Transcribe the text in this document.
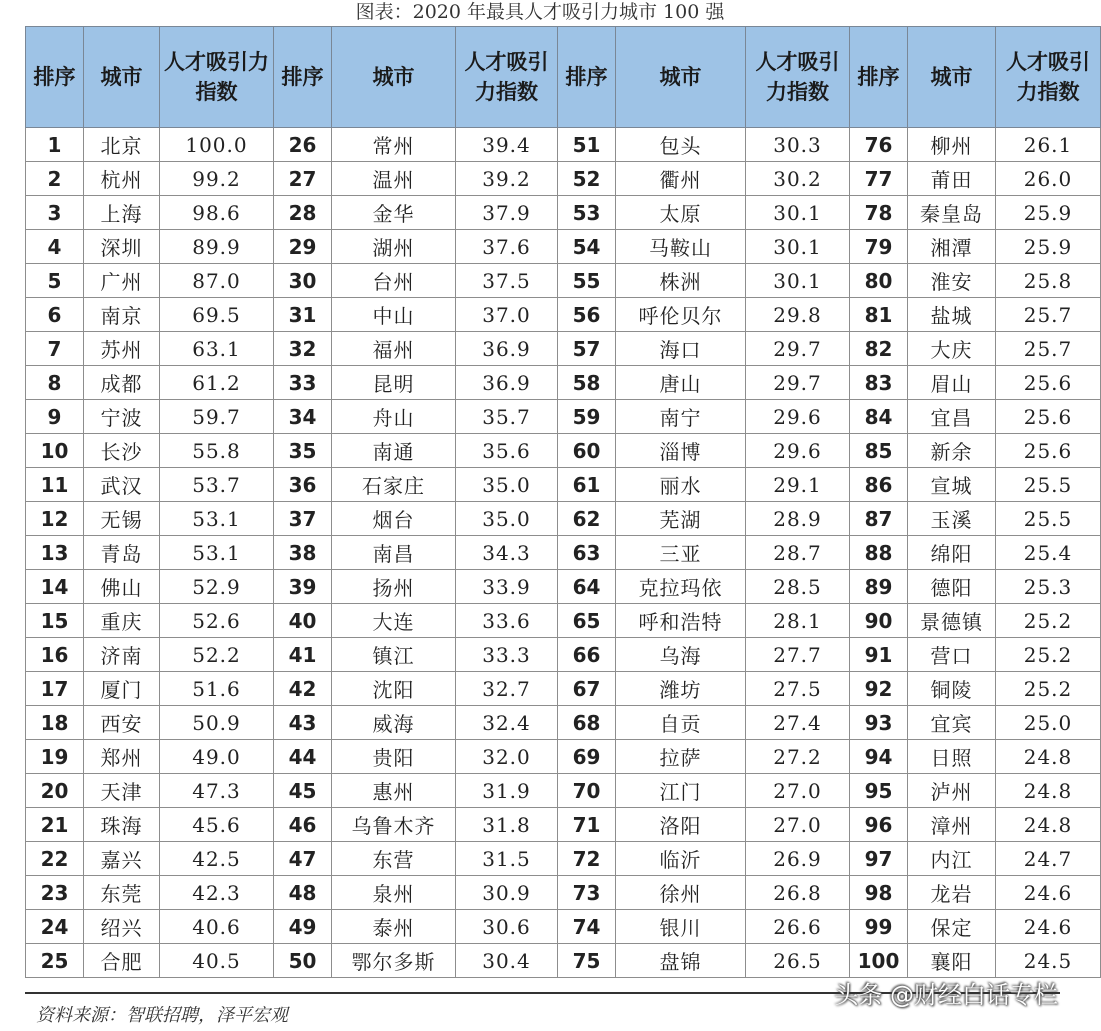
图表：2020 年最具人才吸引力城市 100 强
排序	城市	人才吸引力指数	排序	城市	人才吸引力指数	排序	城市	人才吸引力指数	排序	城市	人才吸引力指数
1	北京	100.0	26	常州	39.4	51	包头	30.3	76	柳州	26.1
2	杭州	99.2	27	温州	39.2	52	衢州	30.2	77	莆田	26.0
3	上海	98.6	28	金华	37.9	53	太原	30.1	78	秦皇岛	25.9
4	深圳	89.9	29	湖州	37.6	54	马鞍山	30.1	79	湘潭	25.9
5	广州	87.0	30	台州	37.5	55	株洲	30.1	80	淮安	25.8
6	南京	69.5	31	中山	37.0	56	呼伦贝尔	29.8	81	盐城	25.7
7	苏州	63.1	32	福州	36.9	57	海口	29.7	82	大庆	25.7
8	成都	61.2	33	昆明	36.9	58	唐山	29.7	83	眉山	25.6
9	宁波	59.7	34	舟山	35.7	59	南宁	29.6	84	宜昌	25.6
10	长沙	55.8	35	南通	35.6	60	淄博	29.6	85	新余	25.6
11	武汉	53.7	36	石家庄	35.0	61	丽水	29.1	86	宣城	25.5
12	无锡	53.1	37	烟台	35.0	62	芜湖	28.9	87	玉溪	25.5
13	青岛	53.1	38	南昌	34.3	63	三亚	28.7	88	绵阳	25.4
14	佛山	52.9	39	扬州	33.9	64	克拉玛依	28.5	89	德阳	25.3
15	重庆	52.6	40	大连	33.6	65	呼和浩特	28.1	90	景德镇	25.2
16	济南	52.2	41	镇江	33.3	66	乌海	27.7	91	营口	25.2
17	厦门	51.6	42	沈阳	32.7	67	潍坊	27.5	92	铜陵	25.2
18	西安	50.9	43	威海	32.4	68	自贡	27.4	93	宜宾	25.0
19	郑州	49.0	44	贵阳	32.0	69	拉萨	27.2	94	日照	24.8
20	天津	47.3	45	惠州	31.9	70	江门	27.0	95	泸州	24.8
21	珠海	45.6	46	乌鲁木齐	31.8	71	洛阳	27.0	96	漳州	24.8
22	嘉兴	42.5	47	东营	31.5	72	临沂	26.9	97	内江	24.7
23	东莞	42.3	48	泉州	30.9	73	徐州	26.8	98	龙岩	24.6
24	绍兴	40.6	49	泰州	30.6	74	银川	26.6	99	保定	24.6
25	合肥	40.5	50	鄂尔多斯	30.4	75	盘锦	26.5	100	襄阳	24.5
资料来源：智联招聘，泽平宏观
头条 @财经白话专栏
